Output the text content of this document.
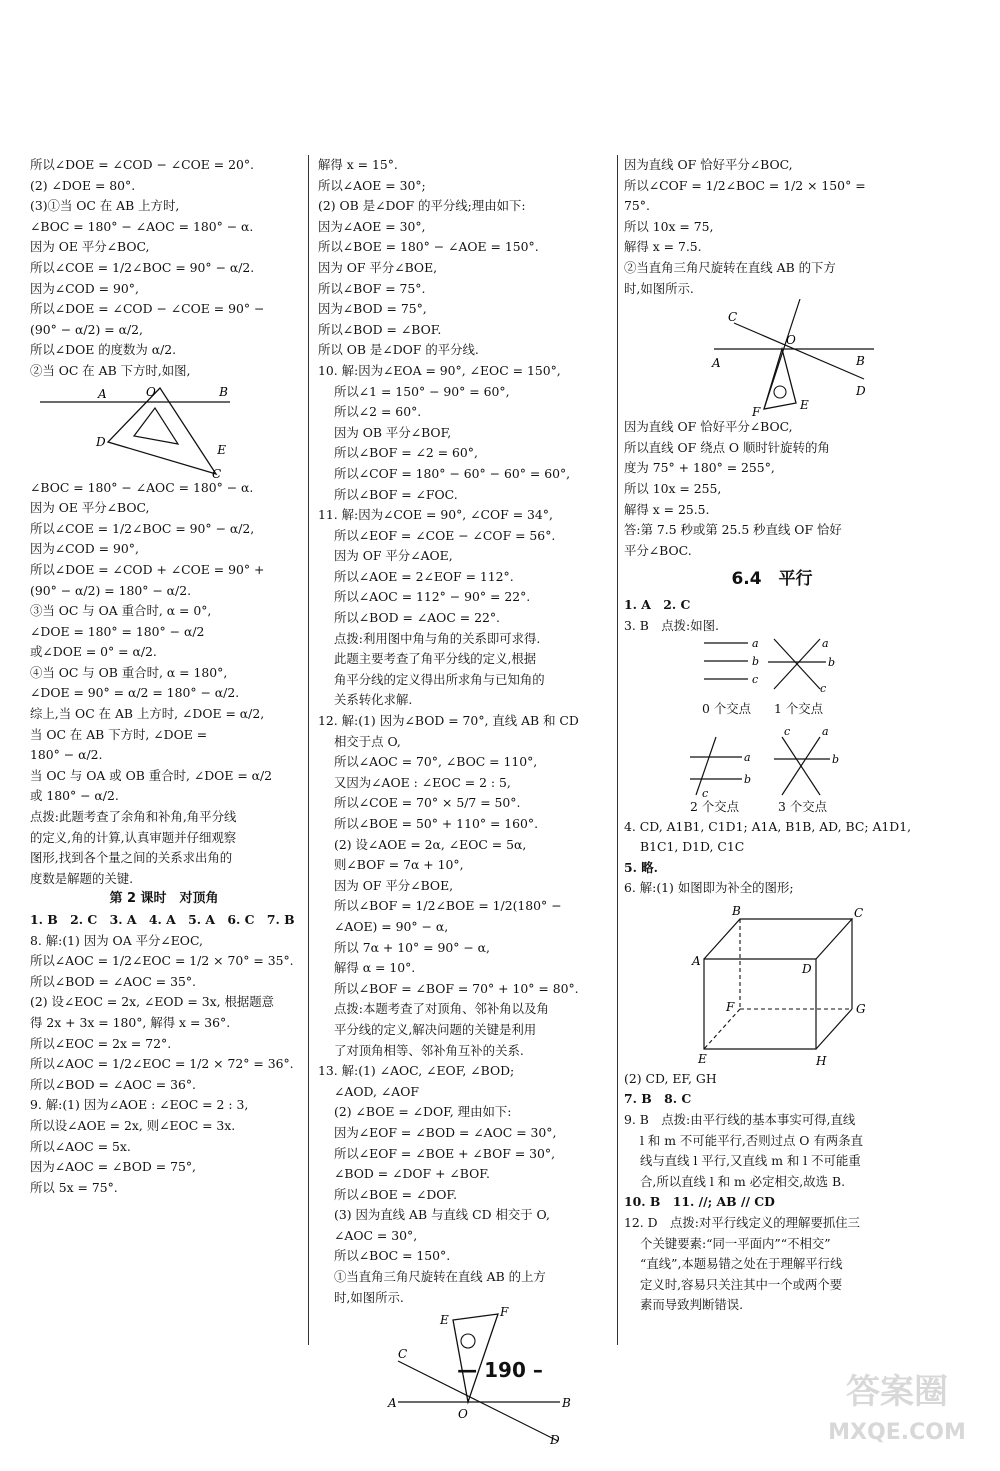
所以∠DOE = ∠COD − ∠COE = 20°.
(2) ∠DOE = 80°.
(3)①当 OC 在 AB 上方时,
∠BOC = 180° − ∠AOC = 180° − α.
因为 OE 平分∠BOC,
所以∠COE = 1/2∠BOC = 90° − α/2.
因为∠COD = 90°,
所以∠DOE = ∠COD − ∠COE = 90° −
(90° − α/2) = α/2,
所以∠DOE 的度数为 α/2.
②当 OC 在 AB 下方时,如图,
A	O	B
D
E
C
∠BOC = 180° − ∠AOC = 180° − α.
因为 OE 平分∠BOC,
所以∠COE = 1/2∠BOC = 90° − α/2,
因为∠COD = 90°,
所以∠DOE = ∠COD + ∠COE = 90° +
(90° − α/2) = 180° − α/2.
③当 OC 与 OA 重合时, α = 0°,
∠DOE = 180° = 180° − α/2
或∠DOE = 0° = α/2.
④当 OC 与 OB 重合时, α = 180°,
∠DOE = 90° = α/2 = 180° − α/2.
综上,当 OC 在 AB 上方时, ∠DOE = α/2,
当 OC 在 AB 下方时, ∠DOE =
180° − α/2.
当 OC 与 OA 或 OB 重合时, ∠DOE = α/2
或 180° − α/2.
点拨:此题考查了余角和补角,角平分线
的定义,角的计算,认真审题并仔细观察
图形,找到各个量之间的关系求出角的
度数是解题的关键.
第 2 课时　对顶角
1. B　2. C　3. A　4. A　5. A　6. C　7. B
8. 解:(1) 因为 OA 平分∠EOC,
所以∠AOC = 1/2∠EOC = 1/2 × 70° = 35°.
所以∠BOD = ∠AOC = 35°.
(2) 设∠EOC = 2x, ∠EOD = 3x, 根据题意
得 2x + 3x = 180°, 解得 x = 36°.
所以∠EOC = 2x = 72°.
所以∠AOC = 1/2∠EOC = 1/2 × 72° = 36°.
所以∠BOD = ∠AOC = 36°.
9. 解:(1) 因为∠AOE : ∠EOC = 2 : 3,
所以设∠AOE = 2x, 则∠EOC = 3x.
所以∠AOC = 5x.
因为∠AOC = ∠BOD = 75°,
所以 5x = 75°.
解得 x = 15°.
所以∠AOE = 30°;
(2) OB 是∠DOF 的平分线;理由如下:
因为∠AOE = 30°,
所以∠BOE = 180° − ∠AOE = 150°.
因为 OF 平分∠BOE,
所以∠BOF = 75°.
因为∠BOD = 75°,
所以∠BOD = ∠BOF.
所以 OB 是∠DOF 的平分线.
10. 解:因为∠EOA = 90°, ∠EOC = 150°,
所以∠1 = 150° − 90° = 60°,
所以∠2 = 60°.
因为 OB 平分∠BOF,
所以∠BOF = ∠2 = 60°,
所以∠COF = 180° − 60° − 60° = 60°,
所以∠BOF = ∠FOC.
11. 解:因为∠COE = 90°, ∠COF = 34°,
所以∠EOF = ∠COE − ∠COF = 56°.
因为 OF 平分∠AOE,
所以∠AOE = 2∠EOF = 112°.
所以∠AOC = 112° − 90° = 22°.
所以∠BOD = ∠AOC = 22°.
点拨:利用图中角与角的关系即可求得.
此题主要考查了角平分线的定义,根据
角平分线的定义得出所求角与已知角的
关系转化求解.
12. 解:(1) 因为∠BOD = 70°, 直线 AB 和 CD
相交于点 O,
所以∠AOC = 70°, ∠BOC = 110°,
又因为∠AOE : ∠EOC = 2 : 5,
所以∠COE = 70° × 5/7 = 50°.
所以∠BOE = 50° + 110° = 160°.
(2) 设∠AOE = 2α, ∠EOC = 5α,
则∠BOF = 7α + 10°,
因为 OF 平分∠BOE,
所以∠BOF = 1/2∠BOE = 1/2(180° −
∠AOE) = 90° − α,
所以 7α + 10° = 90° − α,
解得 α = 10°.
所以∠BOF = ∠BOF = 70° + 10° = 80°.
点拨:本题考查了对顶角、邻补角以及角
平分线的定义,解决问题的关键是利用
了对顶角相等、邻补角互补的关系.
13. 解:(1) ∠AOC, ∠EOF, ∠BOD;
∠AOD, ∠AOF
(2) ∠BOE = ∠DOF, 理由如下:
因为∠EOF = ∠BOD = ∠AOC = 30°,
所以∠EOF = ∠BOE + ∠BOF = 30°,
∠BOD = ∠DOF + ∠BOF.
所以∠BOE = ∠DOF.
(3) 因为直线 AB 与直线 CD 相交于 O,
∠AOC = 30°,
所以∠BOC = 150°.
①当直角三角尺旋转在直线 AB 的上方
时,如图所示.
C
A	B
O
E
F
D
因为直线 OF 恰好平分∠BOC,
所以∠COF = 1/2∠BOC = 1/2 × 150° =
75°.
所以 10x = 75,
解得 x = 7.5.
②当直角三角尺旋转在直线 AB 的下方
时,如图所示.
C
A
O
B
D
F	E
因为直线 OF 恰好平分∠BOC,
所以直线 OF 绕点 O 顺时针旋转的角
度为 75° + 180° = 255°,
所以 10x = 255,
解得 x = 25.5.
答:第 7.5 秒或第 25.5 秒直线 OF 恰好
平分∠BOC.
6.4　平行
1. A　2. C
3. B　点拨:如图.
a
b
c
a
b
c
a
b
c
c	a
b
0 个交点 1 个交点
2 个交点	3 个交点
4. CD, A1B1, C1D1; A1A, B1B, AD, BC; A1D1,
B1C1, D1D, C1C
5. 略.
6. 解:(1) 如图即为补全的图形;
B	C
A
D
F	G
E	H
(2) CD, EF, GH
7. B　8. C
9. B　点拨:由平行线的基本事实可得,直线
l 和 m 不可能平行,否则过点 O 有两条直
线与直线 l 平行,又直线 m 和 l 不可能重
合,所以直线 l 和 m 必定相交,故选 B.
10. B　11. //; AB // CD
12. D　点拨:对平行线定义的理解要抓住三
个关键要素:“同一平面内”“不相交”
“直线”,本题易错之处在于理解平行线
定义时,容易只关注其中一个或两个要
素而导致判断错误.
— 190 –
答案圈
MXQE.COM
